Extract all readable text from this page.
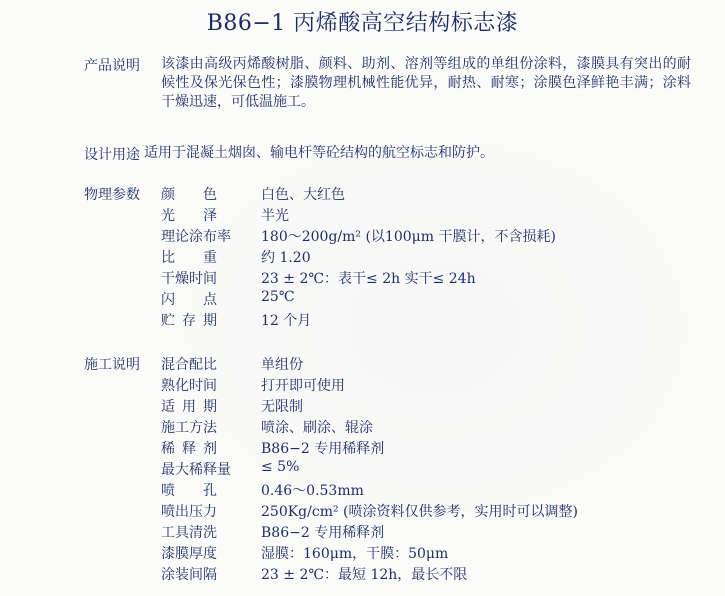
B86−1 丙烯酸高空结构标志漆
产品说明 该漆由高级丙烯酸树脂、颜料、助剂、溶剂等组成的单组份涂料，漆膜具有突出的耐候性及保光保色性；漆膜物理机械性能优异，耐热、耐寒；涂膜色泽鲜艳丰满；涂料干燥迅速，可低温施工。
设计用途 适用于混凝土烟囱、输电杆等砼结构的航空标志和防护。
物理参数 颜色 白色、大红色
光泽 半光
理论涂布率 180～200g/m² (以100μm 干膜计，不含损耗)
比重 约 1.20
干燥时间	23 ± 2℃：表干≤ 2h 实干≤ 24h
闪点 25℃
贮存期	12 个月
施工说明 混合配比	单组份
熟化时间	打开即可使用
适用期	无限制
施工方法	喷涂、刷涂、辊涂
稀释剂	B86−2 专用稀释剂
最大稀释量 ≤ 5%
喷孔 0.46～0.53mm
喷出压力	250Kg/cm² (喷涂资料仅供参考，实用时可以调整)
工具清洗	B86−2 专用稀释剂
漆膜厚度	湿膜：160μm，干膜：50μm
涂装间隔	23 ± 2℃：最短 12h，最长不限
